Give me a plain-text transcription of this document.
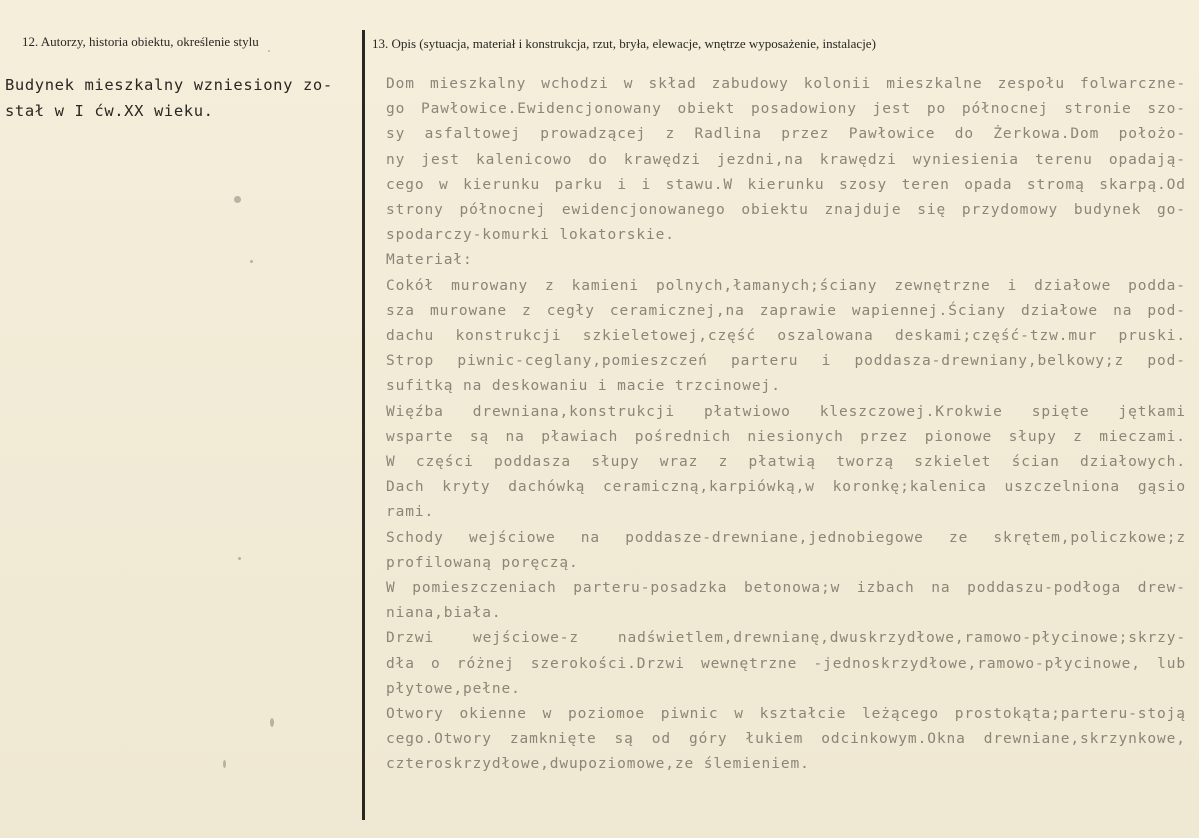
12. Autorzy, historia obiektu, określenie stylu
Budynek mieszkalny wzniesiony zo-
stał w I ćw.XX wieku.
13. Opis (sytuacja, materiał i konstrukcja, rzut, bryła, elewacje, wnętrze wyposażenie, instalacje)
Dom mieszkalny wchodzi w skład zabudowy kolonii mieszkalne zespołu folwarczne-
go Pawłowice.Ewidencjonowany obiekt posadowiony jest po północnej stronie szo-
sy asfaltowej prowadzącej z Radlina przez Pawłowice do Żerkowa.Dom położo-
ny jest kalenicowo do krawędzi jezdni,na krawędzi wyniesienia terenu opadają-
cego w kierunku parku i i stawu.W kierunku szosy teren opada stromą skarpą.Od
strony północnej ewidencjonowanego obiektu znajduje się przydomowy budynek go-
spodarczy-komurki lokatorskie.
Materiał:
Cokół murowany z kamieni polnych,łamanych;ściany zewnętrzne i działowe podda-
sza murowane z cegły ceramicznej,na zaprawie wapiennej.Ściany działowe na pod-
dachu konstrukcji szkieletowej,część oszalowana deskami;część-tzw.mur pruski.
Strop piwnic-ceglany,pomieszczeń parteru i poddasza-drewniany,belkowy;z pod-
sufitką na deskowaniu i macie trzcinowej.
Więźba drewniana,konstrukcji płatwiowo kleszczowej.Krokwie spięte jętkami
wsparte są na pławiach pośrednich niesionych przez pionowe słupy z mieczami.
W części poddasza słupy wraz z płatwią tworzą szkielet ścian działowych.
Dach kryty dachówką ceramiczną,karpiówką,w koronkę;kalenica uszczelniona gąsio
rami.
Schody wejściowe na poddasze-drewniane,jednobiegowe ze skrętem,policzkowe;z
profilowaną poręczą.
W pomieszczeniach parteru-posadzka betonowa;w izbach na poddaszu-podłoga drew-
niana,biała.
Drzwi	wejściowe-z	nadświetlem,drewnianę,dwuskrzydłowe,ramowo-płycinowe;skrzy-
dła o różnej szerokości.Drzwi wewnętrzne -jednoskrzydłowe,ramowo-płycinowe, lub
płytowe,pełne.
Otwory okienne w poziomoe piwnic w kształcie leżącego prostokąta;parteru-stoją
cego.Otwory zamknięte są od góry łukiem odcinkowym.Okna drewniane,skrzynkowe,
czteroskrzydłowe,dwupoziomowe,ze ślemieniem.
